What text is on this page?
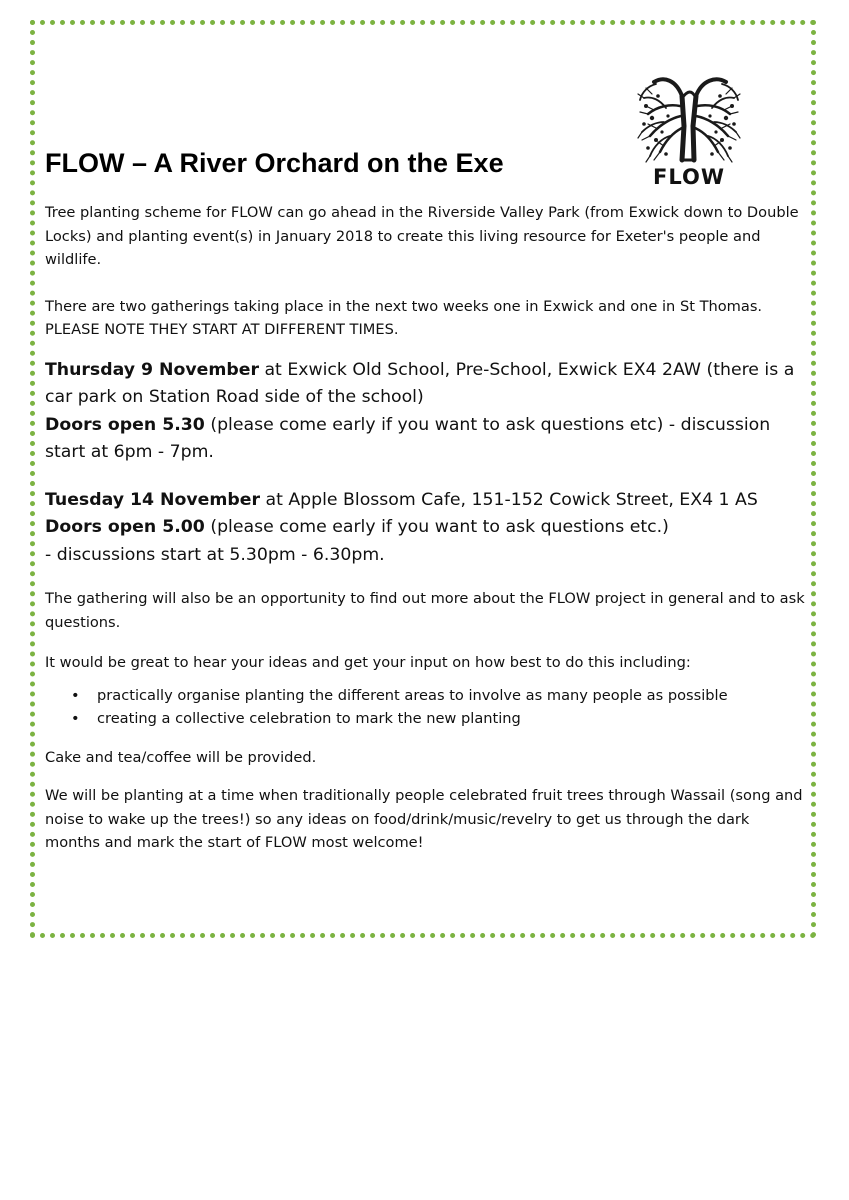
FLOW
FLOW – A River Orchard on the Exe

Tree planting scheme for FLOW can go ahead in the Riverside Valley Park (from Exwick down to Double Locks) and planting event(s) in January 2018 to create this living resource for Exeter's people and wildlife.

There are two gatherings taking place in the next two weeks one in Exwick and one in St Thomas. PLEASE NOTE THEY START AT DIFFERENT TIMES.

Thursday 9 November at Exwick Old School, Pre-School, Exwick EX4 2AW (there is a car park on Station Road side of the school)
Doors open 5.30 (please come early if you want to ask questions etc) - discussion start at 6pm - 7pm.

Tuesday 14 November at Apple Blossom Cafe, 151-152 Cowick Street, EX4 1 AS
Doors open 5.00 (please come early if you want to ask questions etc.)
- discussions start at 5.30pm - 6.30pm.

The gathering will also be an opportunity to find out more about the FLOW project in general and to ask questions.

It would be great to hear your ideas and get your input on how best to do this including:

• practically organise planting the different areas to involve as many people as possible
• creating a collective celebration to mark the new planting

Cake and tea/coffee will be provided.

We will be planting at a time when traditionally people celebrated fruit trees through Wassail (song and noise to wake up the trees!) so any ideas on food/drink/music/revelry to get us through the dark months and mark the start of FLOW most welcome!
